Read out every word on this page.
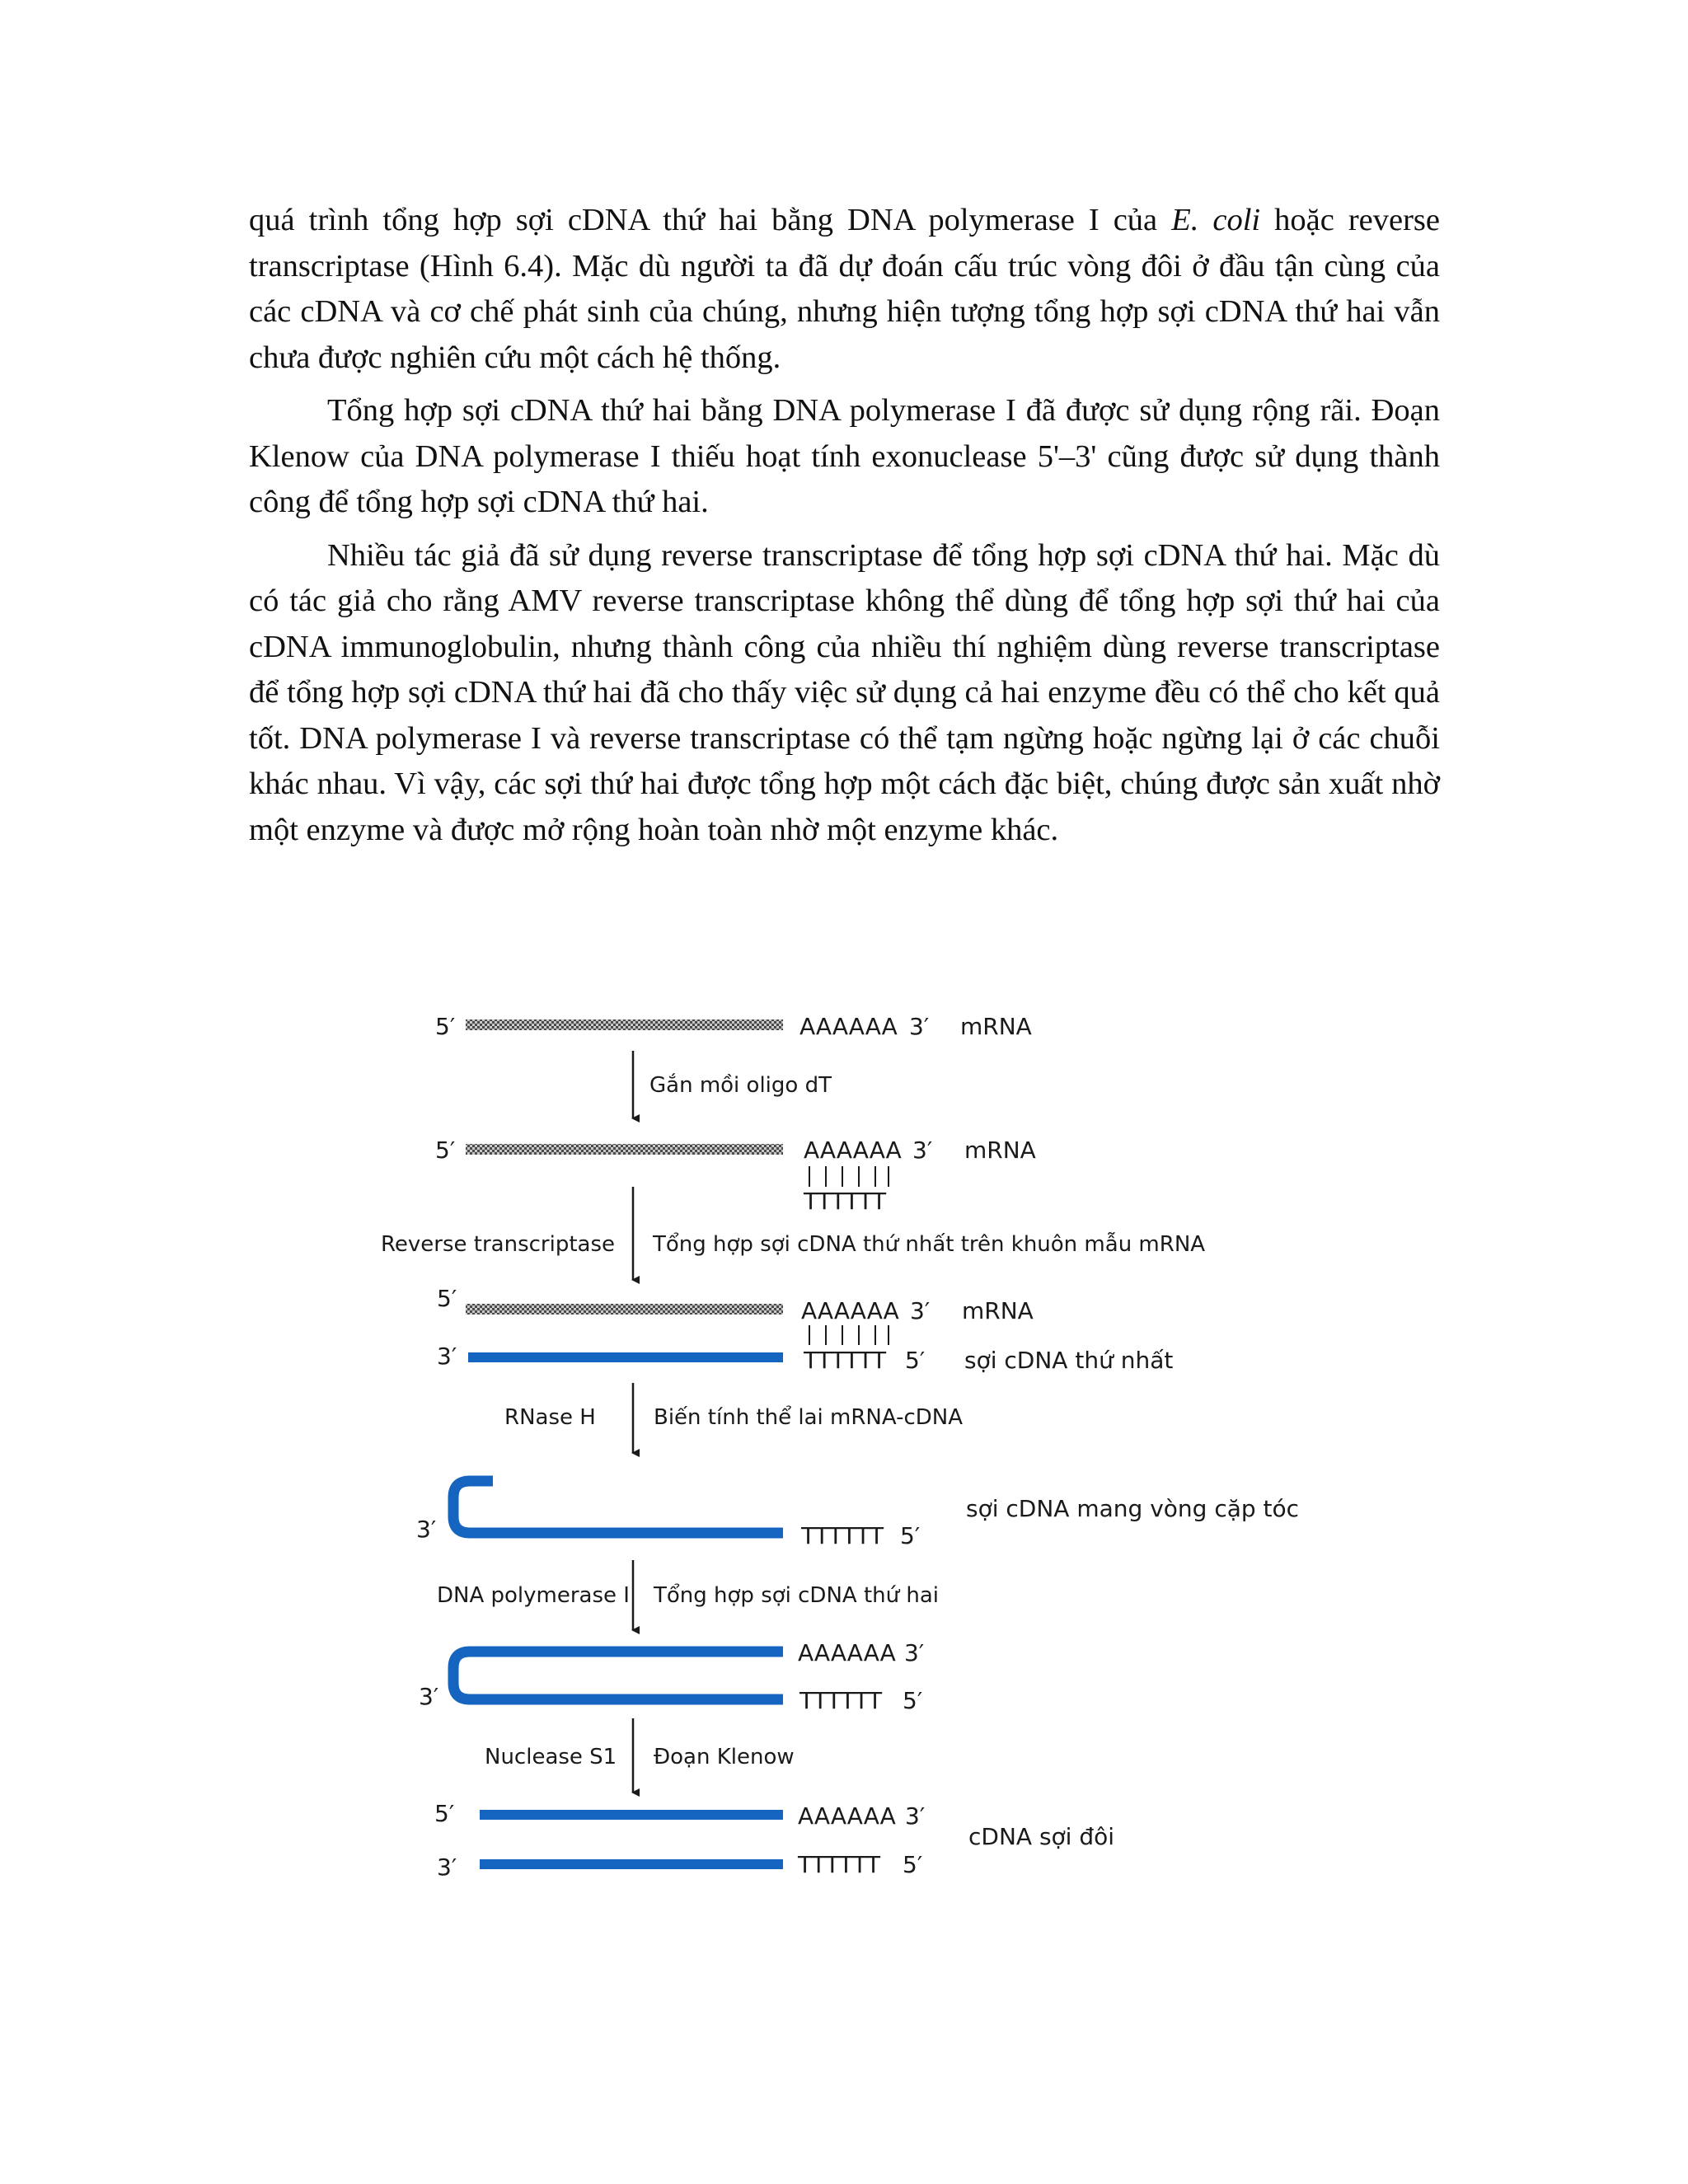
quá trình tổng hợp sợi cDNA thứ hai bằng DNA polymerase I của E. coli hoặc reverse transcriptase (Hình 6.4). Mặc dù người ta đã dự đoán cấu trúc vòng đôi ở đầu tận cùng của các cDNA và cơ chế phát sinh của chúng, nhưng hiện tượng tổng hợp sợi cDNA thứ hai vẫn chưa được nghiên cứu một cách hệ thống.

Tổng hợp sợi cDNA thứ hai bằng DNA polymerase I đã được sử dụng rộng rãi. Đoạn Klenow của DNA polymerase I thiếu hoạt tính exonuclease 5'–3' cũng được sử dụng thành công để tổng hợp sợi cDNA thứ hai.

Nhiều tác giả đã sử dụng reverse transcriptase để tổng hợp sợi cDNA thứ hai. Mặc dù có tác giả cho rằng AMV reverse transcriptase không thể dùng để tổng hợp sợi thứ hai của cDNA immunoglobulin, nhưng thành công của nhiều thí nghiệm dùng reverse transcriptase để tổng hợp sợi cDNA thứ hai đã cho thấy việc sử dụng cả hai enzyme đều có thể cho kết quả tốt. DNA polymerase I và reverse transcriptase có thể tạm ngừng hoặc ngừng lại ở các chuỗi khác nhau. Vì vậy, các sợi thứ hai được tổng hợp một cách đặc biệt, chúng được sản xuất nhờ một enzyme và được mở rộng hoàn toàn nhờ một enzyme khác.

5′	AAAAAA 3′ mRNA
Gắn mồi oligo dT
5′	AAAAAA 3′ mRNA
TTTTTT
Reverse transcriptase Tổng hợp sợi cDNA thứ nhất trên khuôn mẫu mRNA
5′	AAAAAA 3′ mRNA
3′	TTTTTT 5′ sợi cDNA thứ nhất
RNase H	Biến tính thể lai mRNA-cDNA
3′	TTTTTT 5′
sợi cDNA mang vòng cặp tóc
DNA polymerase I Tổng hợp sợi cDNA thứ hai
3′
AAAAAA 3′
TTTTTT 5′
Nuclease S1 Đoạn Klenow
5′	AAAAAA 3′
3′	TTTTTT 5′
cDNA sợi đôi
